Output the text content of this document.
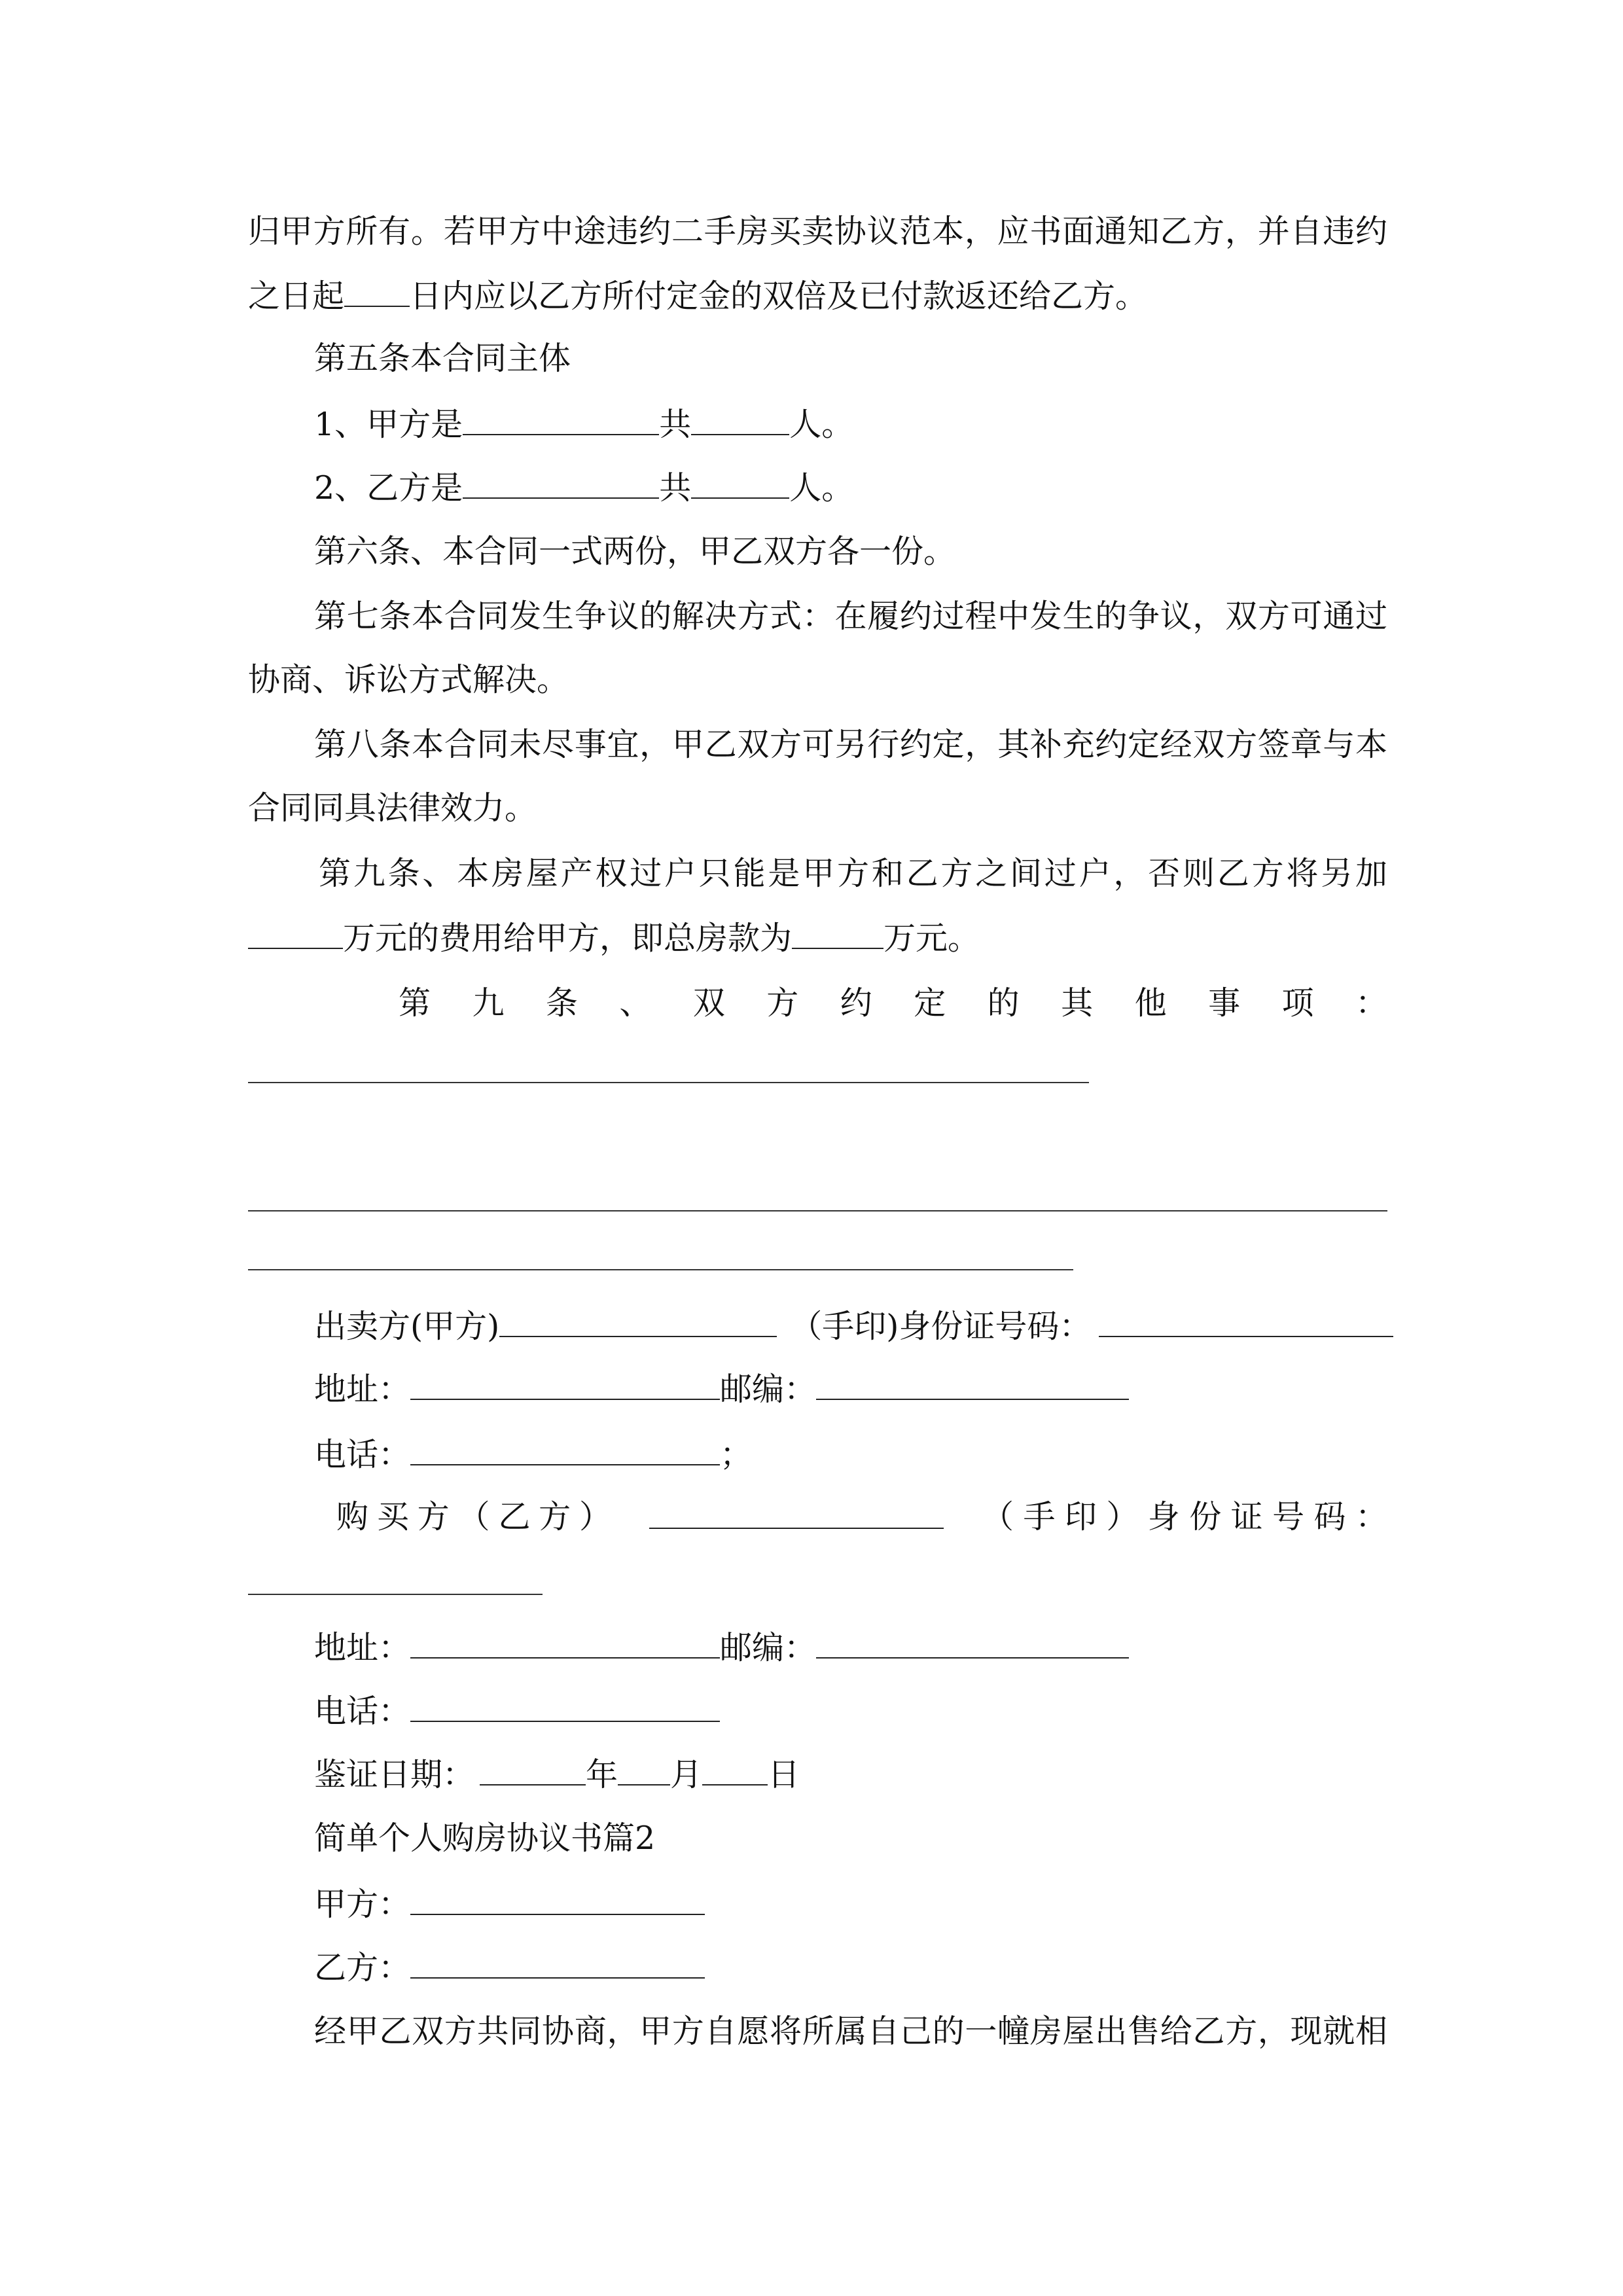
归甲方所有。若甲方中途违约二手房买卖协议范本，应书面通知乙方，并自违约
之日起 日内应以乙方所付定金的双倍及已付款返还给乙方。
第五条本合同主体
1、甲方是	共	人。
2、乙方是	共	人。
第六条、本合同一式两份，甲乙双方各一份。
第七条本合同发生争议的解决方式：在履约过程中发生的争议，双方可通过
协商、诉讼方式解决。
第八条本合同未尽事宜，甲乙双方可另行约定，其补充约定经双方签章与本
合同同具法律效力。
第九条、本房屋产权过户只能是甲方和乙方之间过户，否则乙方将另加
万元的费用给甲方，即总房款为	万元。
第九条、双方约定的其他事项：
出卖方(甲方)	（手印)身份证号码：
地址：	邮编：
电话：	；
购买方（乙方）	（手印）身份证号码：
地址：	邮编：
电话：
鉴证日期：	年 月 日
简单个人购房协议书篇2
甲方：
乙方：
经甲乙双方共同协商，甲方自愿将所属自己的一幢房屋出售给乙方，现就相
